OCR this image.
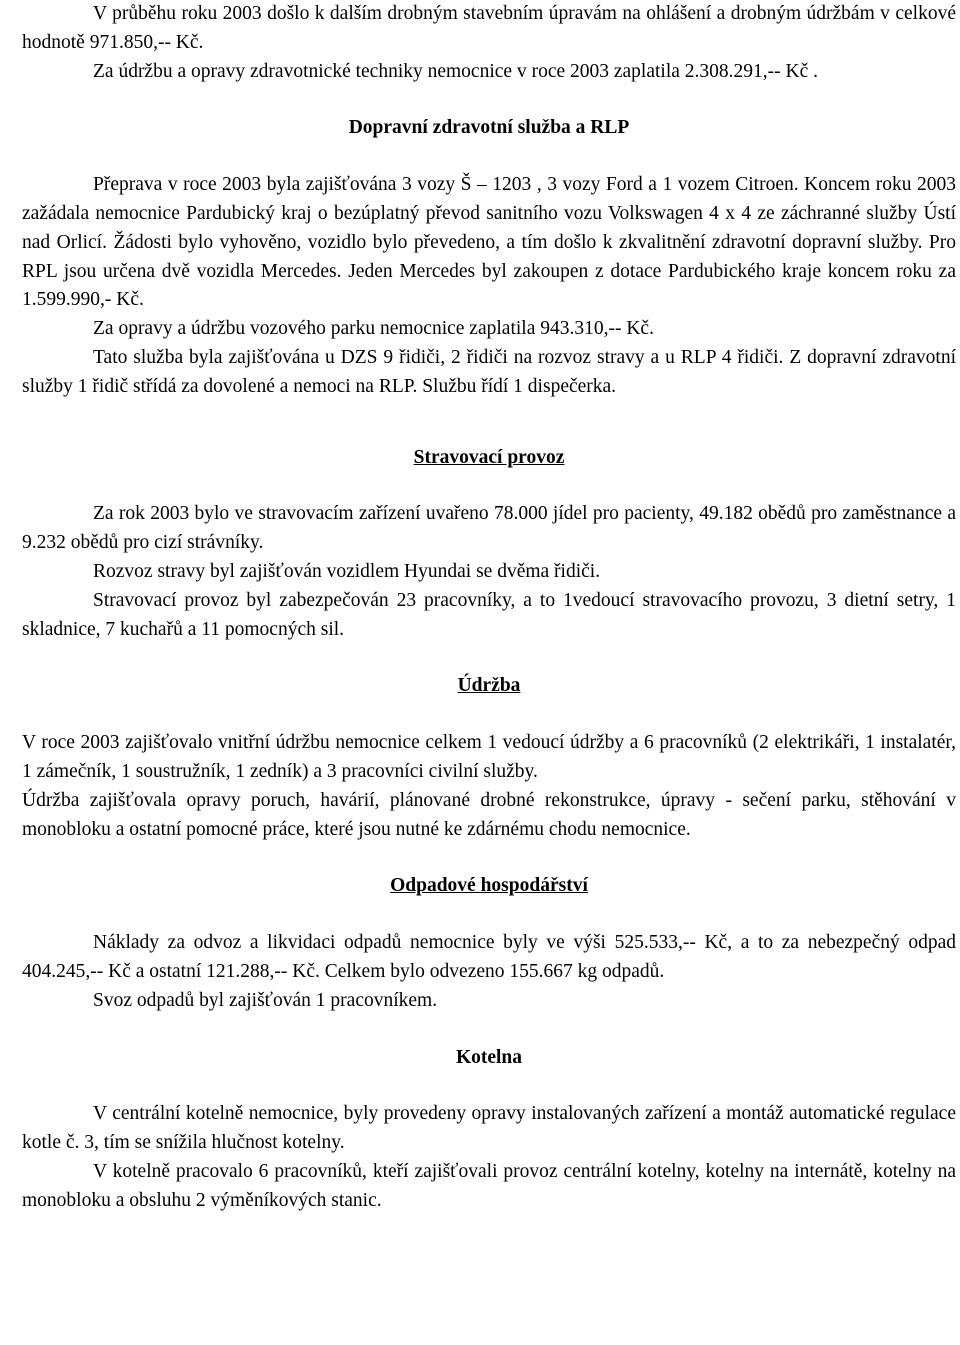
V průběhu roku 2003 došlo k dalším drobným stavebním úpravám na ohlášení a drobným údržbám v celkové hodnotě 971.850,-- Kč.

Za údržbu a opravy zdravotnické techniky nemocnice v roce 2003 zaplatila 2.308.291,-- Kč .

Dopravní zdravotní služba a RLP

Přeprava v roce 2003 byla zajišťována 3 vozy Š – 1203 , 3 vozy Ford a 1 vozem Citroen. Koncem roku 2003 zažádala nemocnice Pardubický kraj o bezúplatný převod sanitního vozu Volkswagen 4 x 4 ze záchranné služby Ústí nad Orlicí. Žádosti bylo vyhověno, vozidlo bylo převedeno, a tím došlo k zkvalitnění zdravotní dopravní služby. Pro RPL jsou určena dvě vozidla Mercedes. Jeden Mercedes byl zakoupen z dotace Pardubického kraje koncem roku za 1.599.990,- Kč.

Za opravy a údržbu vozového parku nemocnice zaplatila 943.310,-- Kč.

Tato služba byla zajišťována u DZS 9 řidiči, 2 řidiči na rozvoz stravy a u RLP 4 řidiči. Z dopravní zdravotní služby 1 řidič střídá za dovolené a nemoci na RLP. Službu řídí 1 dispečerka.

Stravovací provoz

Za rok 2003 bylo ve stravovacím zařízení uvařeno 78.000 jídel pro pacienty, 49.182 obědů pro zaměstnance a 9.232 obědů pro cizí strávníky.

Rozvoz stravy byl zajišťován vozidlem Hyundai se dvěma řidiči.

Stravovací provoz byl zabezpečován 23 pracovníky, a to 1vedoucí stravovacího provozu, 3 dietní setry, 1 skladnice, 7 kuchařů a 11 pomocných sil.

Údržba

V roce 2003 zajišťovalo vnitřní údržbu nemocnice celkem 1 vedoucí údržby a 6 pracovníků (2 elektrikáři, 1 instalatér, 1 zámečník, 1 soustružník, 1 zedník) a 3 pracovníci civilní služby.

Údržba zajišťovala opravy poruch, havárií, plánované drobné rekonstrukce, úpravy - sečení parku, stěhování v monobloku a ostatní pomocné práce, které jsou nutné ke zdárnému chodu nemocnice.

Odpadové hospodářství

Náklady za odvoz a likvidaci odpadů nemocnice byly ve výši 525.533,-- Kč, a to za nebezpečný odpad 404.245,-- Kč a ostatní 121.288,-- Kč. Celkem bylo odvezeno 155.667 kg odpadů.

Svoz odpadů byl zajišťován 1 pracovníkem.

Kotelna

V centrální kotelně nemocnice, byly provedeny opravy instalovaných zařízení a montáž automatické regulace kotle č. 3, tím se snížila hlučnost kotelny.

V kotelně pracovalo 6 pracovníků, kteří zajišťovali provoz centrální kotelny, kotelny na internátě, kotelny na monobloku a obsluhu 2 výměníkových stanic.
